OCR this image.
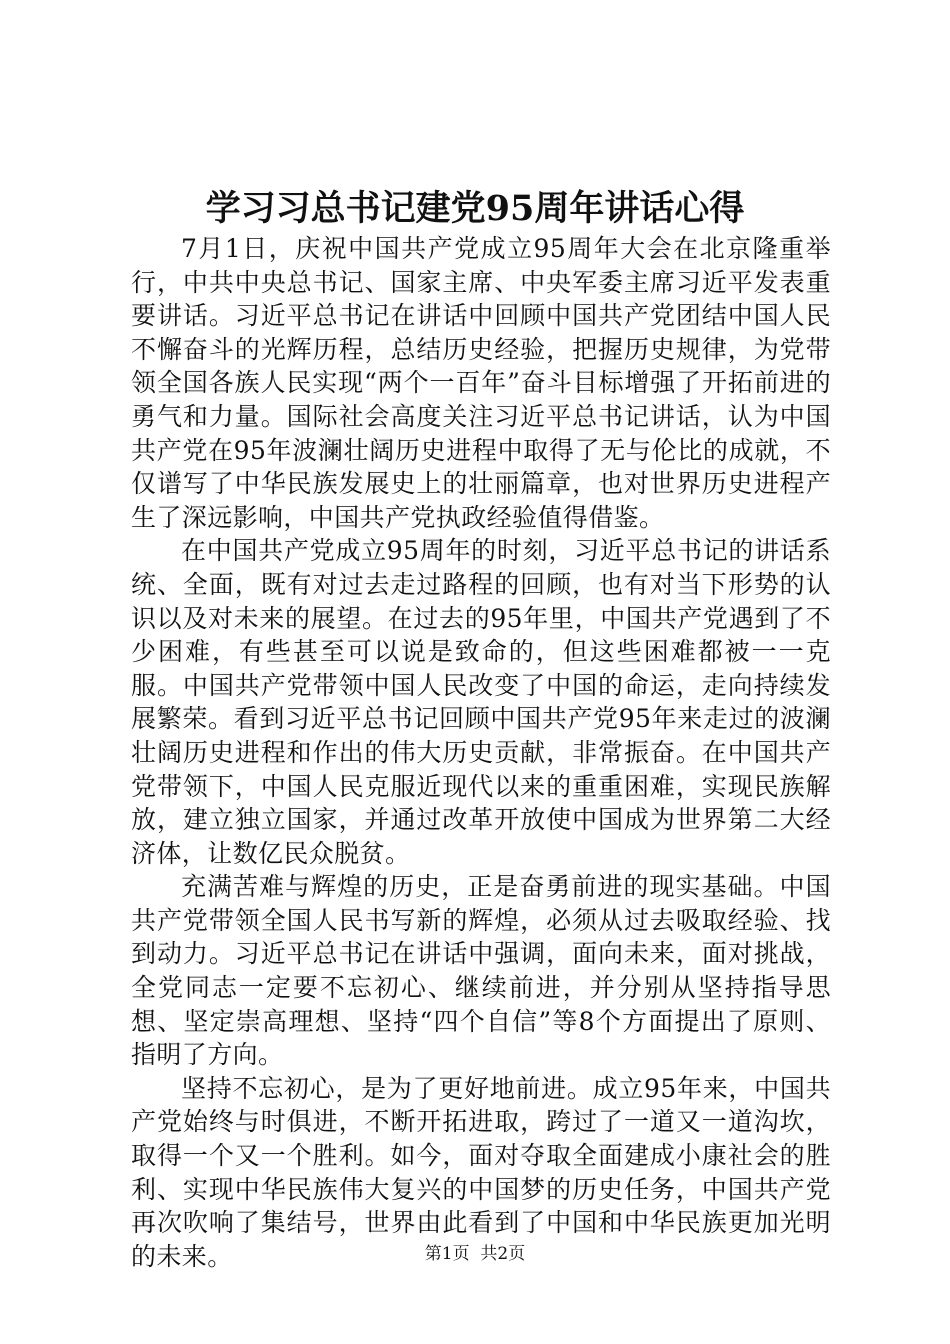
学习习总书记建党95周年讲话心得

7月1日，庆祝中国共产党成立95周年大会在北京隆重举行，中共中央总书记、国家主席、中央军委主席习近平发表重要讲话。习近平总书记在讲话中回顾中国共产党团结中国人民不懈奋斗的光辉历程，总结历史经验，把握历史规律，为党带领全国各族人民实现“两个一百年”奋斗目标增强了开拓前进的勇气和力量。国际社会高度关注习近平总书记讲话，认为中国共产党在95年波澜壮阔历史进程中取得了无与伦比的成就，不仅谱写了中华民族发展史上的壮丽篇章，也对世界历史进程产生了深远影响，中国共产党执政经验值得借鉴。

在中国共产党成立95周年的时刻，习近平总书记的讲话系统、全面，既有对过去走过路程的回顾，也有对当下形势的认识以及对未来的展望。在过去的95年里，中国共产党遇到了不少困难，有些甚至可以说是致命的，但这些困难都被一一克服。中国共产党带领中国人民改变了中国的命运，走向持续发展繁荣。看到习近平总书记回顾中国共产党95年来走过的波澜壮阔历史进程和作出的伟大历史贡献，非常振奋。在中国共产党带领下，中国人民克服近现代以来的重重困难，实现民族解放，建立独立国家，并通过改革开放使中国成为世界第二大经济体，让数亿民众脱贫。

充满苦难与辉煌的历史，正是奋勇前进的现实基础。中国共产党带领全国人民书写新的辉煌，必须从过去吸取经验、找到动力。习近平总书记在讲话中强调，面向未来，面对挑战，全党同志一定要不忘初心、继续前进，并分别从坚持指导思想、坚定崇高理想、坚持“四个自信”等8个方面提出了原则、指明了方向。

坚持不忘初心，是为了更好地前进。成立95年来，中国共产党始终与时俱进，不断开拓进取，跨过了一道又一道沟坎，取得一个又一个胜利。如今，面对夺取全面建成小康社会的胜利、实现中华民族伟大复兴的中国梦的历史任务，中国共产党再次吹响了集结号，世界由此看到了中国和中华民族更加光明的未来。	第1页  共2页
